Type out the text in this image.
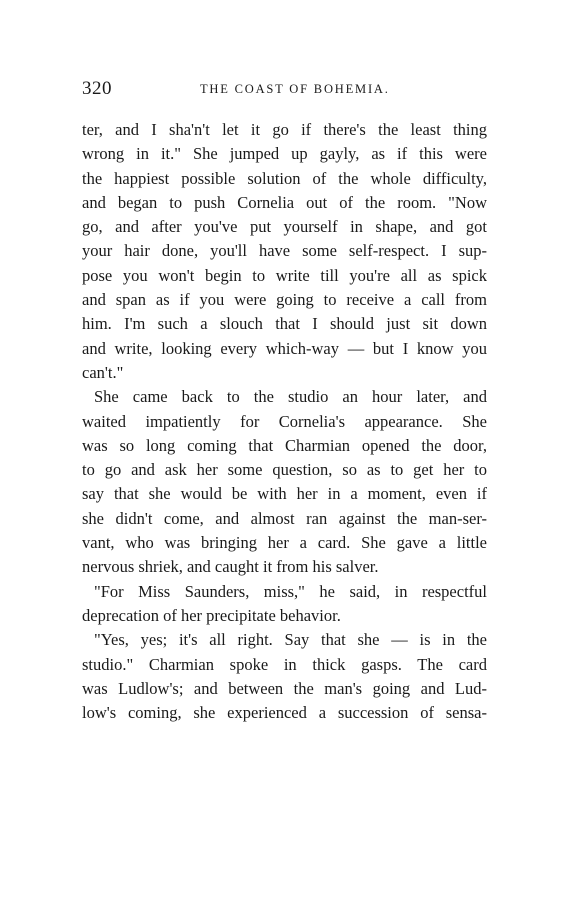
320	THE COAST OF BOHEMIA.
ter, and I sha'n't let it go if there's the least thing
wrong in it." She jumped up gayly, as if this were
the happiest possible solution of the whole difficulty,
and began to push Cornelia out of the room. "Now
go, and after you've put yourself in shape, and got
your hair done, you'll have some self-respect. I sup-
pose you won't begin to write till you're all as spick
and span as if you were going to receive a call from
him. I'm such a slouch that I should just sit down
and write, looking every which-way — but I know you
can't."
She came back to the studio an hour later, and
waited impatiently for Cornelia's appearance. She
was so long coming that Charmian opened the door,
to go and ask her some question, so as to get her to
say that she would be with her in a moment, even if
she didn't come, and almost ran against the man-ser-
vant, who was bringing her a card. She gave a little
nervous shriek, and caught it from his salver.
"For Miss Saunders, miss," he said, in respectful
deprecation of her precipitate behavior.
"Yes, yes; it's all right. Say that she — is in the
studio." Charmian spoke in thick gasps. The card
was Ludlow's; and between the man's going and Lud-
low's coming, she experienced a succession of sensa-
